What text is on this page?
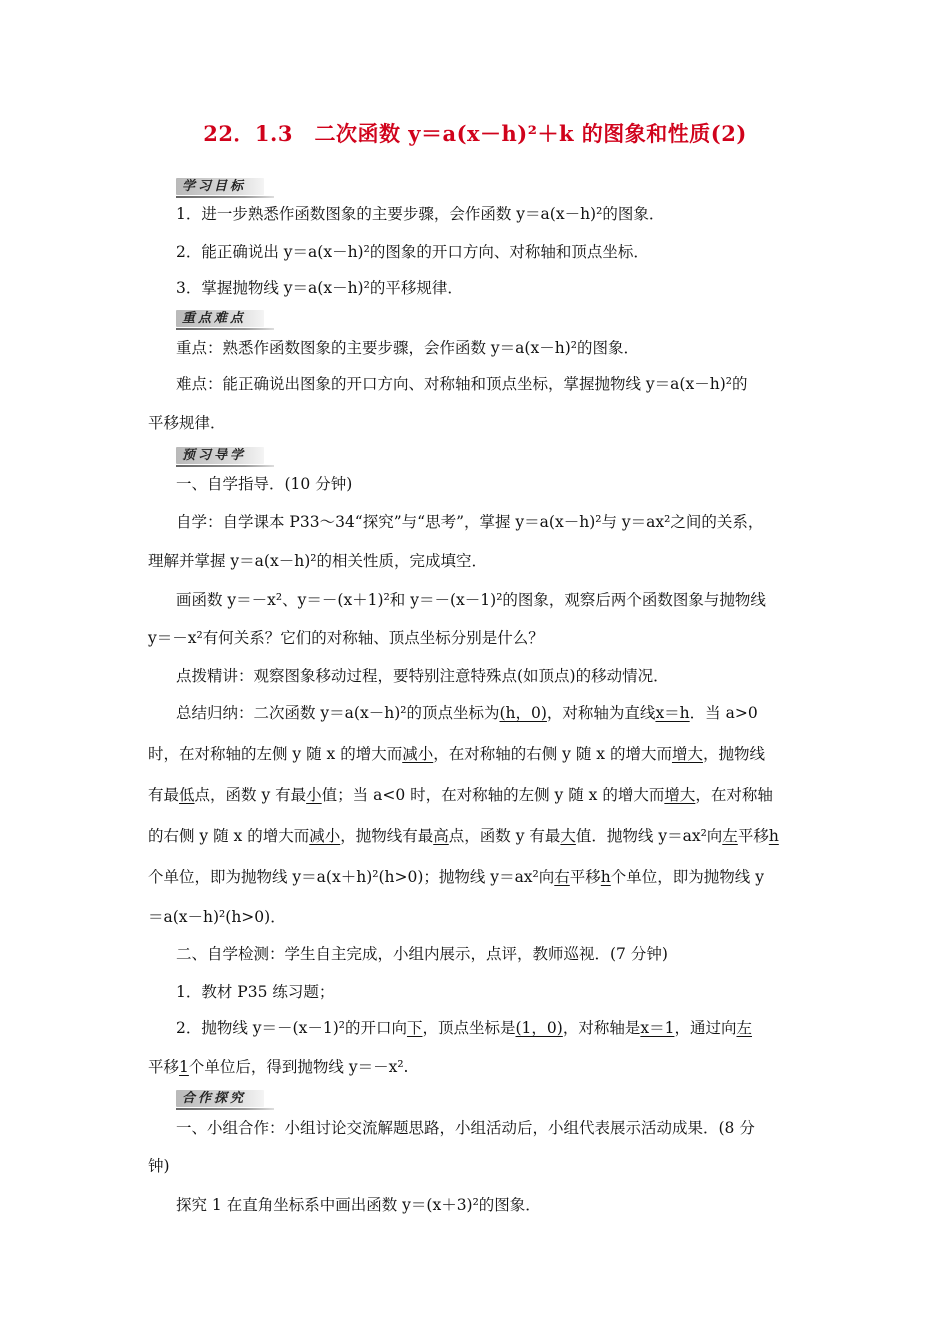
22．1.3　二次函数 y＝a(x－h)²＋k 的图象和性质(2)
学习目标
1．进一步熟悉作函数图象的主要步骤，会作函数 y＝a(x－h)²的图象．
2．能正确说出 y＝a(x－h)²的图象的开口方向、对称轴和顶点坐标．
3．掌握抛物线 y＝a(x－h)²的平移规律．
重点难点
重点：熟悉作函数图象的主要步骤，会作函数 y＝a(x－h)²的图象．
难点：能正确说出图象的开口方向、对称轴和顶点坐标，掌握抛物线 y＝a(x－h)²的
平移规律．
预习导学
一、自学指导．(10 分钟)
自学：自学课本 P33～34“探究”与“思考”，掌握 y＝a(x－h)²与 y＝ax²之间的关系，
理解并掌握 y＝a(x－h)²的相关性质，完成填空．
画函数 y＝－x²、y＝－(x＋1)²和 y＝－(x－1)²的图象，观察后两个函数图象与抛物线
y＝－x²有何关系？它们的对称轴、顶点坐标分别是什么？
点拨精讲：观察图象移动过程，要特别注意特殊点(如顶点)的移动情况．
总结归纳：二次函数 y＝a(x－h)²的顶点坐标为(h，0)，对称轴为直线x＝h．当 a>0
时，在对称轴的左侧 y 随 x 的增大而减小，在对称轴的右侧 y 随 x 的增大而增大，抛物线
有最低点，函数 y 有最小值；当 a<0 时，在对称轴的左侧 y 随 x 的增大而增大，在对称轴
的右侧 y 随 x 的增大而减小，抛物线有最高点，函数 y 有最大值．抛物线 y＝ax²向左平移h
个单位，即为抛物线 y＝a(x＋h)²(h>0)；抛物线 y＝ax²向右平移h个单位，即为抛物线 y
＝a(x－h)²(h>0)．
二、自学检测：学生自主完成，小组内展示，点评，教师巡视．(7 分钟)
1．教材 P35 练习题；
2．抛物线 y＝－(x－1)²的开口向下，顶点坐标是(1，0)，对称轴是x＝1，通过向左
平移1个单位后，得到抛物线 y＝－x².
合作探究
一、小组合作：小组讨论交流解题思路，小组活动后，小组代表展示活动成果．(8 分
钟)
探究 1 在直角坐标系中画出函数 y＝(x＋3)²的图象．
